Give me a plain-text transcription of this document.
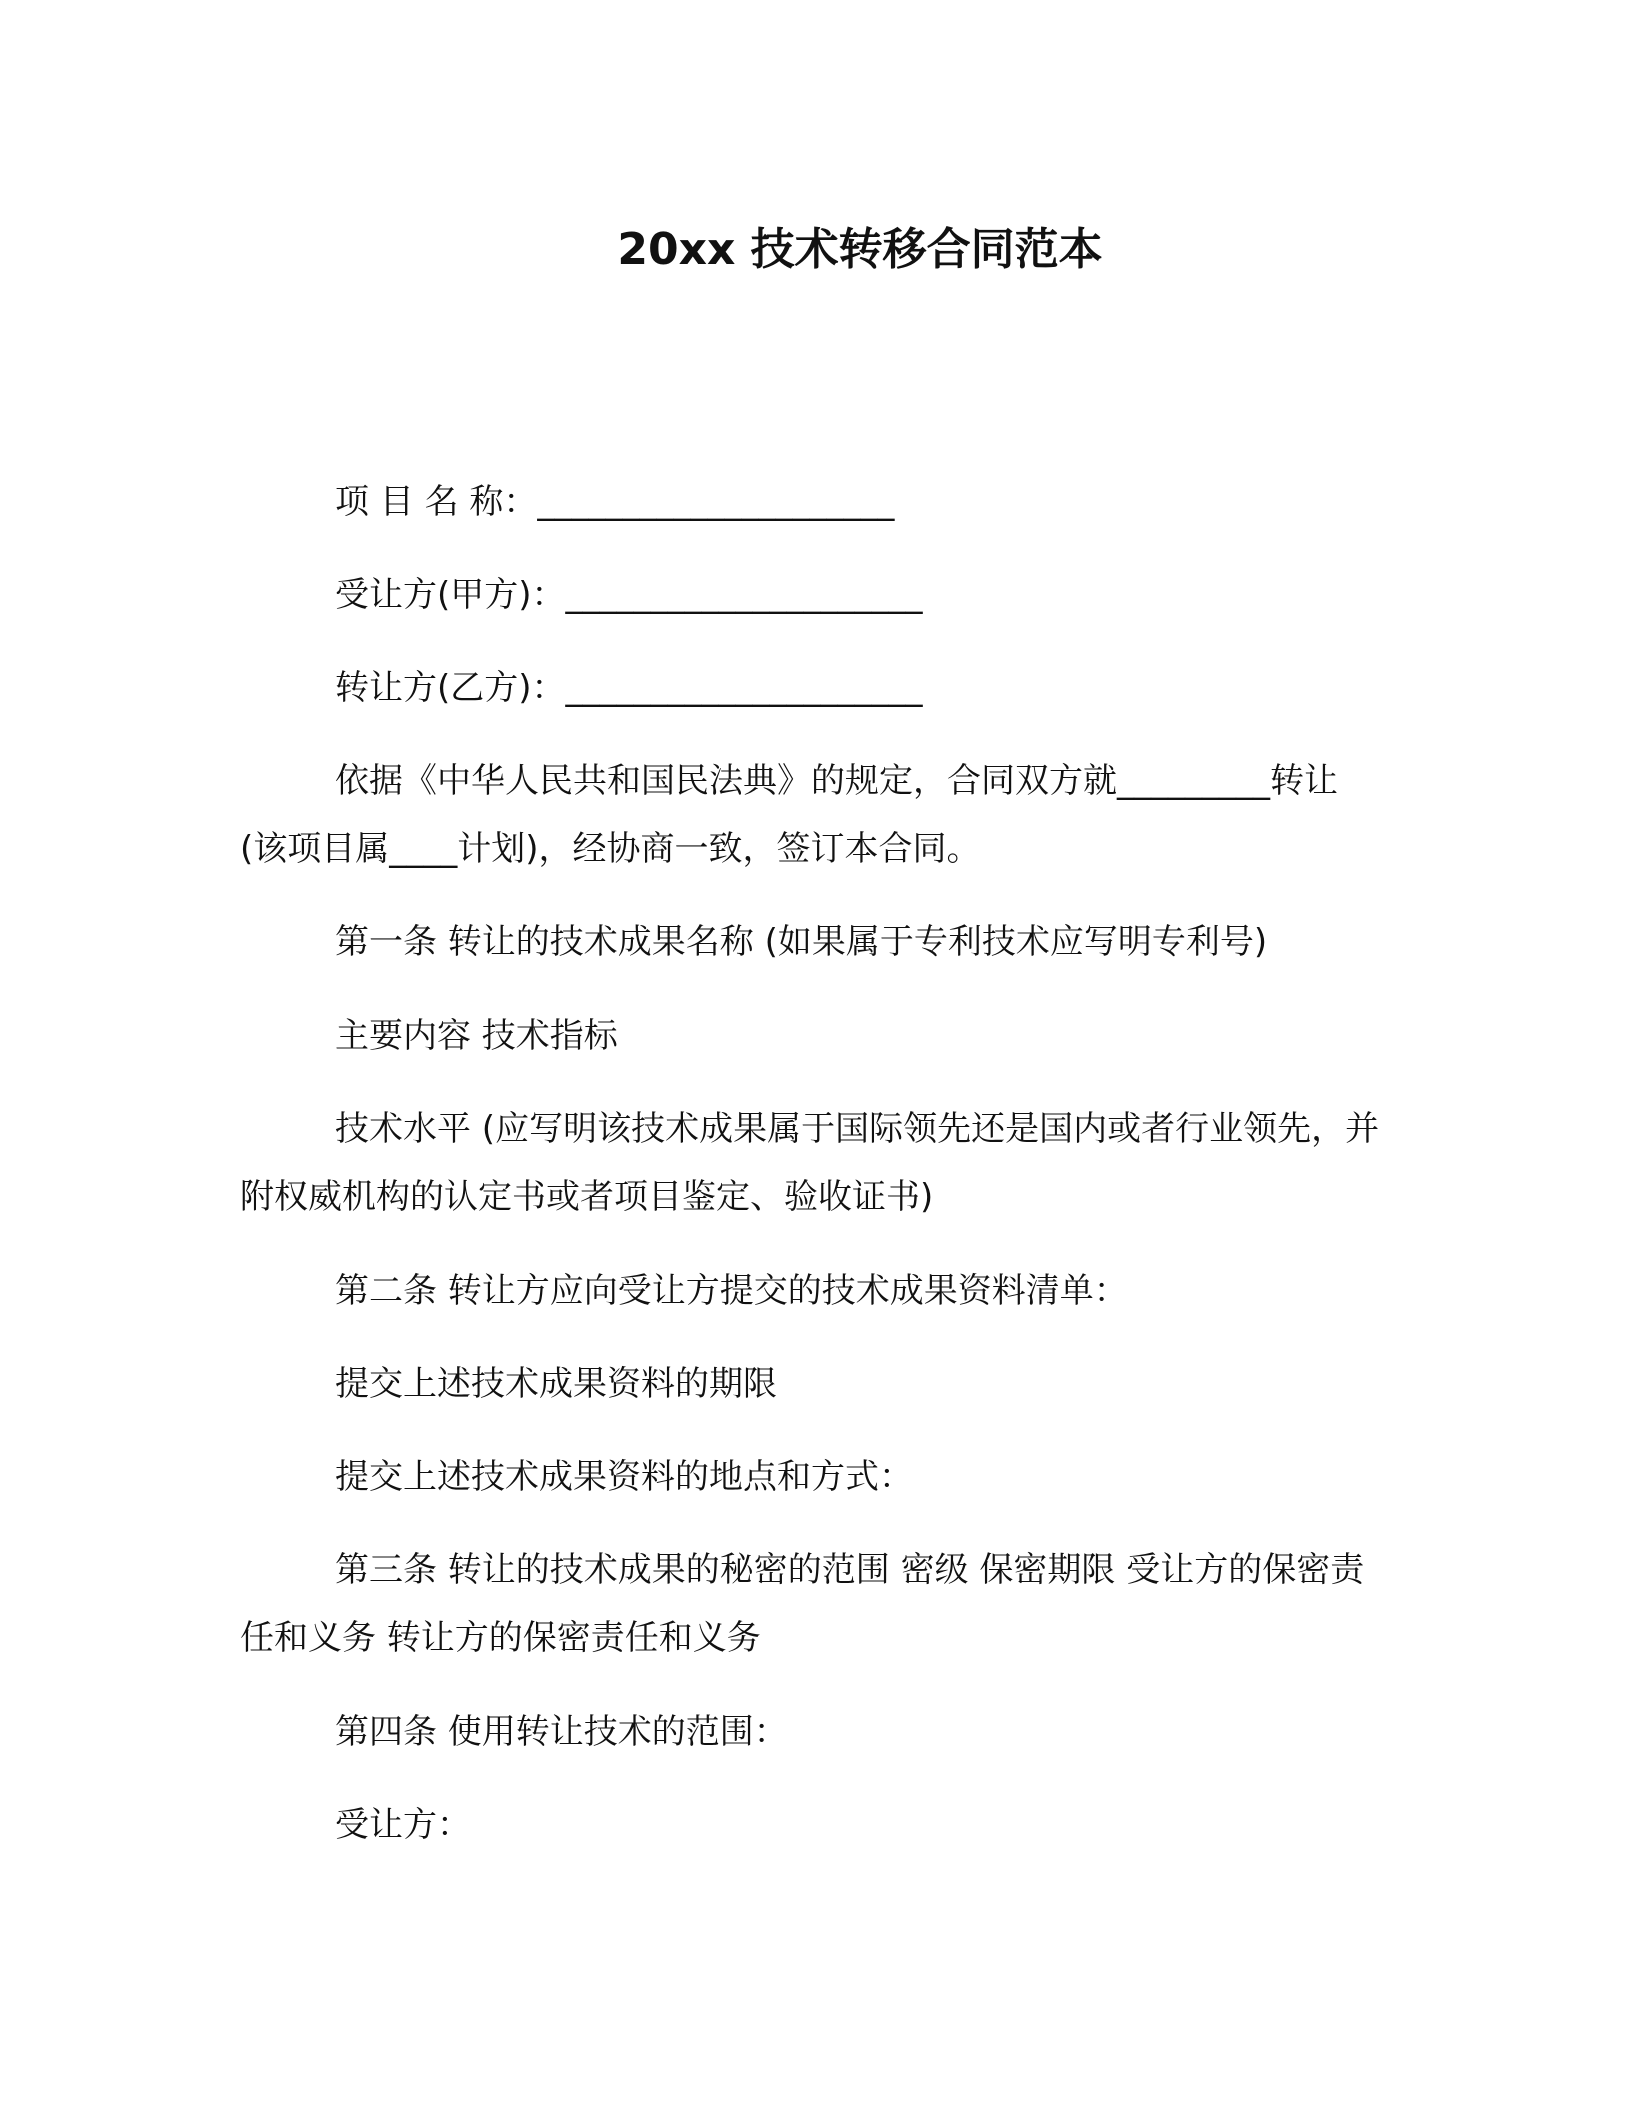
20xx 技术转移合同范本

项 目 名 称：_____________________

受让方(甲方)：_____________________

转让方(乙方)：_____________________

依据《中华人民共和国民法典》的规定，合同双方就_________转让(该项目属____计划)，经协商一致，签订本合同。

第一条 转让的技术成果名称 (如果属于专利技术应写明专利号)

主要内容 技术指标

技术水平 (应写明该技术成果属于国际领先还是国内或者行业领先，并附权威机构的认定书或者项目鉴定、验收证书)

第二条 转让方应向受让方提交的技术成果资料清单：

提交上述技术成果资料的期限

提交上述技术成果资料的地点和方式：

第三条 转让的技术成果的秘密的范围 密级 保密期限 受让方的保密责任和义务 转让方的保密责任和义务

第四条 使用转让技术的范围：

受让方：
